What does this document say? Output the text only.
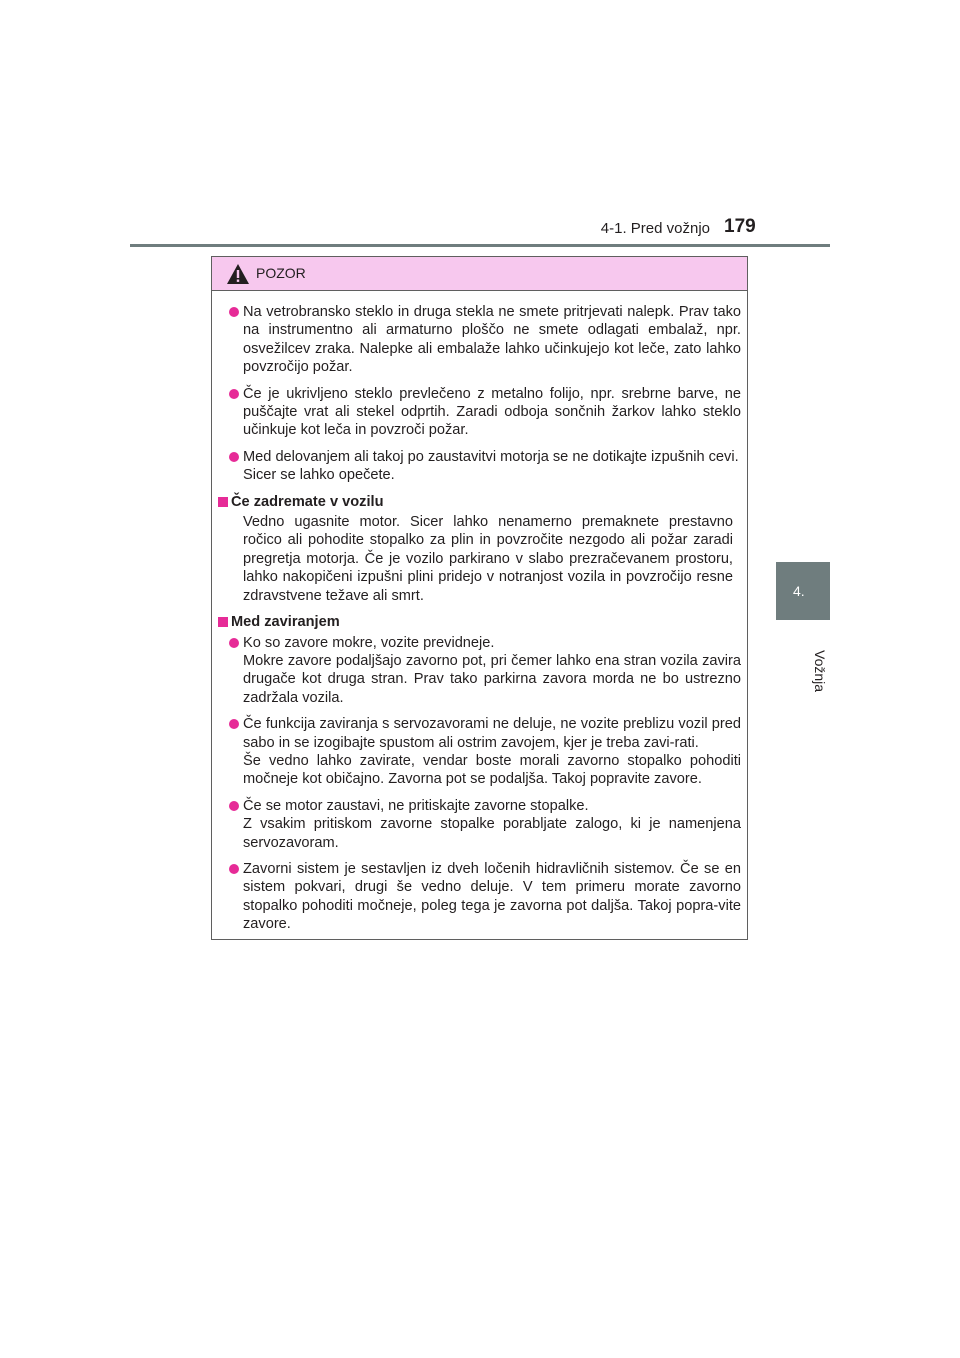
4-1. Pred vožnjo 179
4.
Vožnja
POZOR
Na vetrobransko steklo in druga stekla ne smete pritrjevati nalepk. Prav tako na instrumentno ali armaturno ploščo ne smete odlagati embalaž, npr. osvežilcev zraka. Nalepke ali embalaže lahko učinkujejo kot leče, zato lahko povzročijo požar.
Če je ukrivljeno steklo prevlečeno z metalno folijo, npr. srebrne barve, ne puščajte vrat ali stekel odprtih. Zaradi odboja sončnih žarkov lahko steklo učinkuje kot leča in povzroči požar.
Med delovanjem ali takoj po zaustavitvi motorja se ne dotikajte izpušnih cevi.
Sicer se lahko opečete.
Če zadremate v vozilu
Vedno ugasnite motor. Sicer lahko nenamerno premaknete prestavno ročico ali pohodite stopalko za plin in povzročite nezgodo ali požar zaradi pregretja motorja. Če je vozilo parkirano v slabo prezračevanem prostoru, lahko nakopičeni izpušni plini pridejo v notranjost vozila in povzročijo resne zdravstvene težave ali smrt.
Med zaviranjem
Ko so zavore mokre, vozite previdneje.
Mokre zavore podaljšajo zavorno pot, pri čemer lahko ena stran vozila zavira drugače kot druga stran. Prav tako parkirna zavora morda ne bo ustrezno zadržala vozila.
Če funkcija zaviranja s servozavorami ne deluje, ne vozite preblizu vozil pred sabo in se izogibajte spustom ali ostrim zavojem, kjer je treba zavi-rati.
Še vedno lahko zavirate, vendar boste morali zavorno stopalko pohoditi močneje kot običajno. Zavorna pot se podaljša. Takoj popravite zavore.
Če se motor zaustavi, ne pritiskajte zavorne stopalke.
Z vsakim pritiskom zavorne stopalke porabljate zalogo, ki je namenjena servozavoram.
Zavorni sistem je sestavljen iz dveh ločenih hidravličnih sistemov. Če se en sistem pokvari, drugi še vedno deluje. V tem primeru morate zavorno stopalko pohoditi močneje, poleg tega je zavorna pot daljša. Takoj popra-vite zavore.
